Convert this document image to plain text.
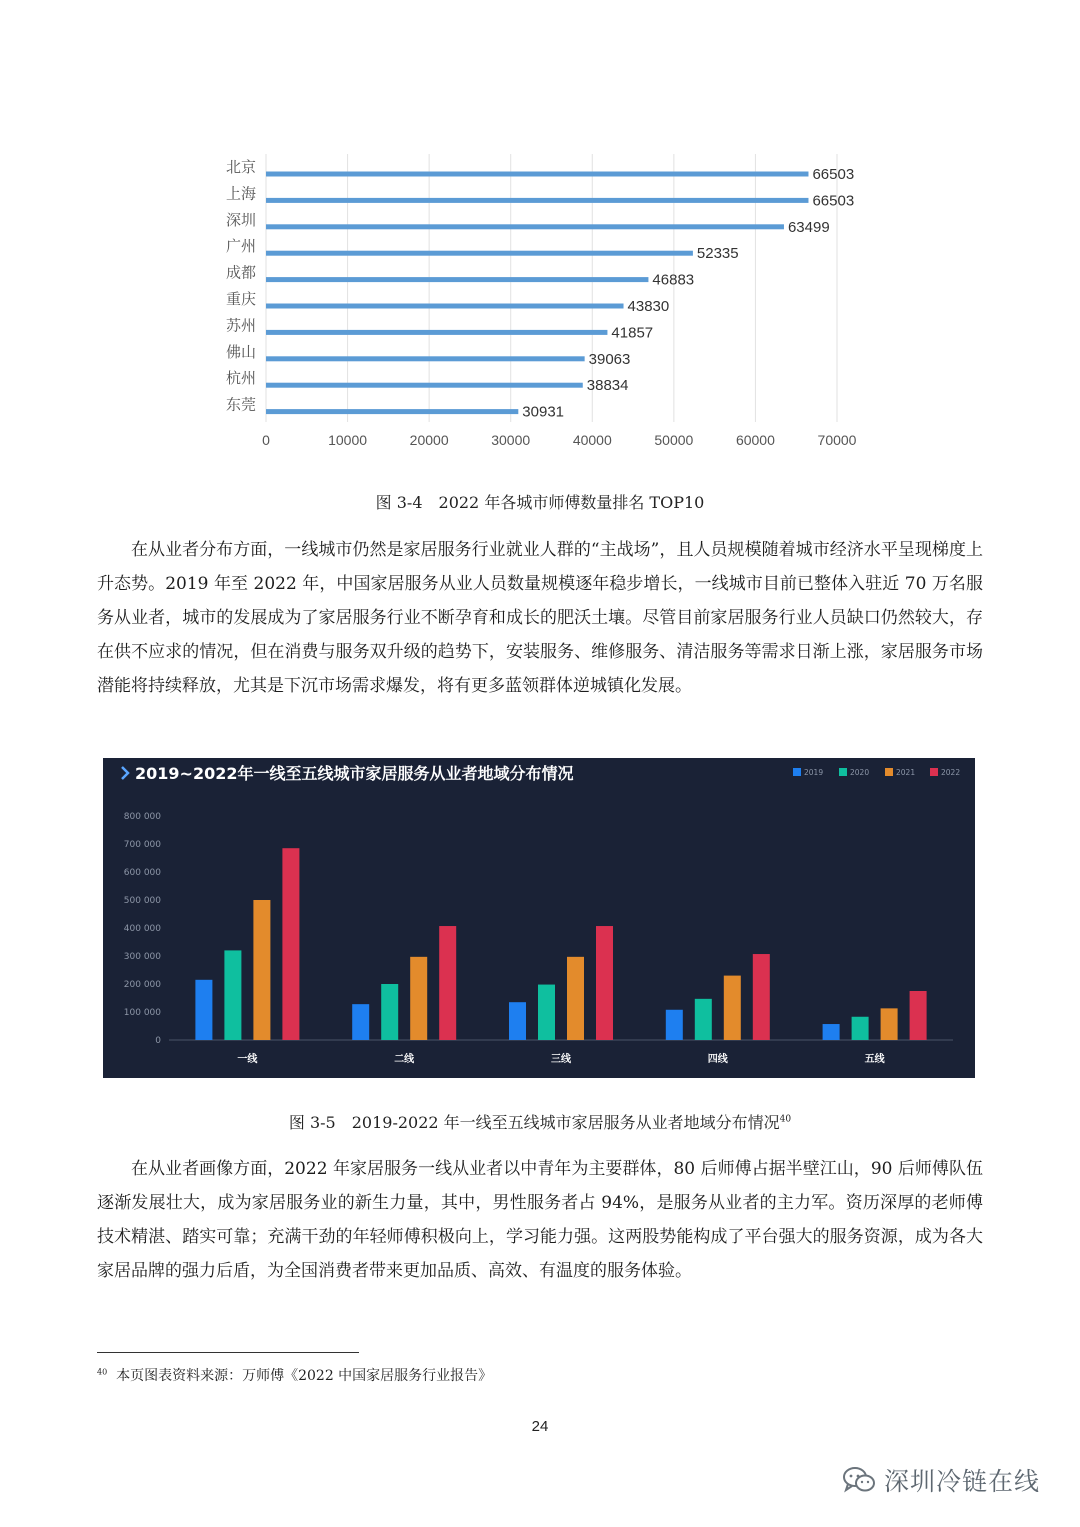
0	10000	20000	30000	40000	50000	60000	70000
北京	66503
上海	66503
深圳	63499
广州	52335
成都	46883
重庆	43830
苏州	41857
佛山	39063
杭州	38834
东莞	30931
图 3-4　2022 年各城市师傅数量排名 TOP10
在从业者分布方面，一线城市仍然是家居服务行业就业人群的“主战场”，且人员规模随着城市经济水平呈现梯度上升态势。2019 年至 2022 年，中国家居服务从业人员数量规模逐年稳步增长，一线城市目前已整体入驻近 70 万名服务从业者，城市的发展成为了家居服务行业不断孕育和成长的肥沃土壤。尽管目前家居服务行业人员缺口仍然较大，存在供不应求的情况，但在消费与服务双升级的趋势下，安装服务、维修服务、清洁服务等需求日渐上涨，家居服务市场潜能将持续释放，尤其是下沉市场需求爆发，将有更多蓝领群体逆城镇化发展。
2019~2022年一线至五线城市家居服务从业者地域分布情况	2019	2020	2021	2022
0
100 000
200 000
300 000
400 000
500 000
600 000
700 000
800 000
一线	二线	三线	四线	五线
图 3-5　2019-2022 年一线至五线城市家居服务从业者地域分布情况$^{40}$
在从业者画像方面，2022 年家居服务一线从业者以中青年为主要群体，80 后师傅占据半壁江山，90 后师傅队伍逐渐发展壮大，成为家居服务业的新生力量，其中，男性服务者占 94%，是服务从业者的主力军。资历深厚的老师傅技术精湛、踏实可靠；充满干劲的年轻师傅积极向上，学习能力强。这两股势能构成了平台强大的服务资源，成为各大家居品牌的强力后盾，为全国消费者带来更加品质、高效、有温度的服务体验。
$^{40}$ 本页图表资料来源：万师傅《2022 中国家居服务行业报告》
24
深圳冷链在线
